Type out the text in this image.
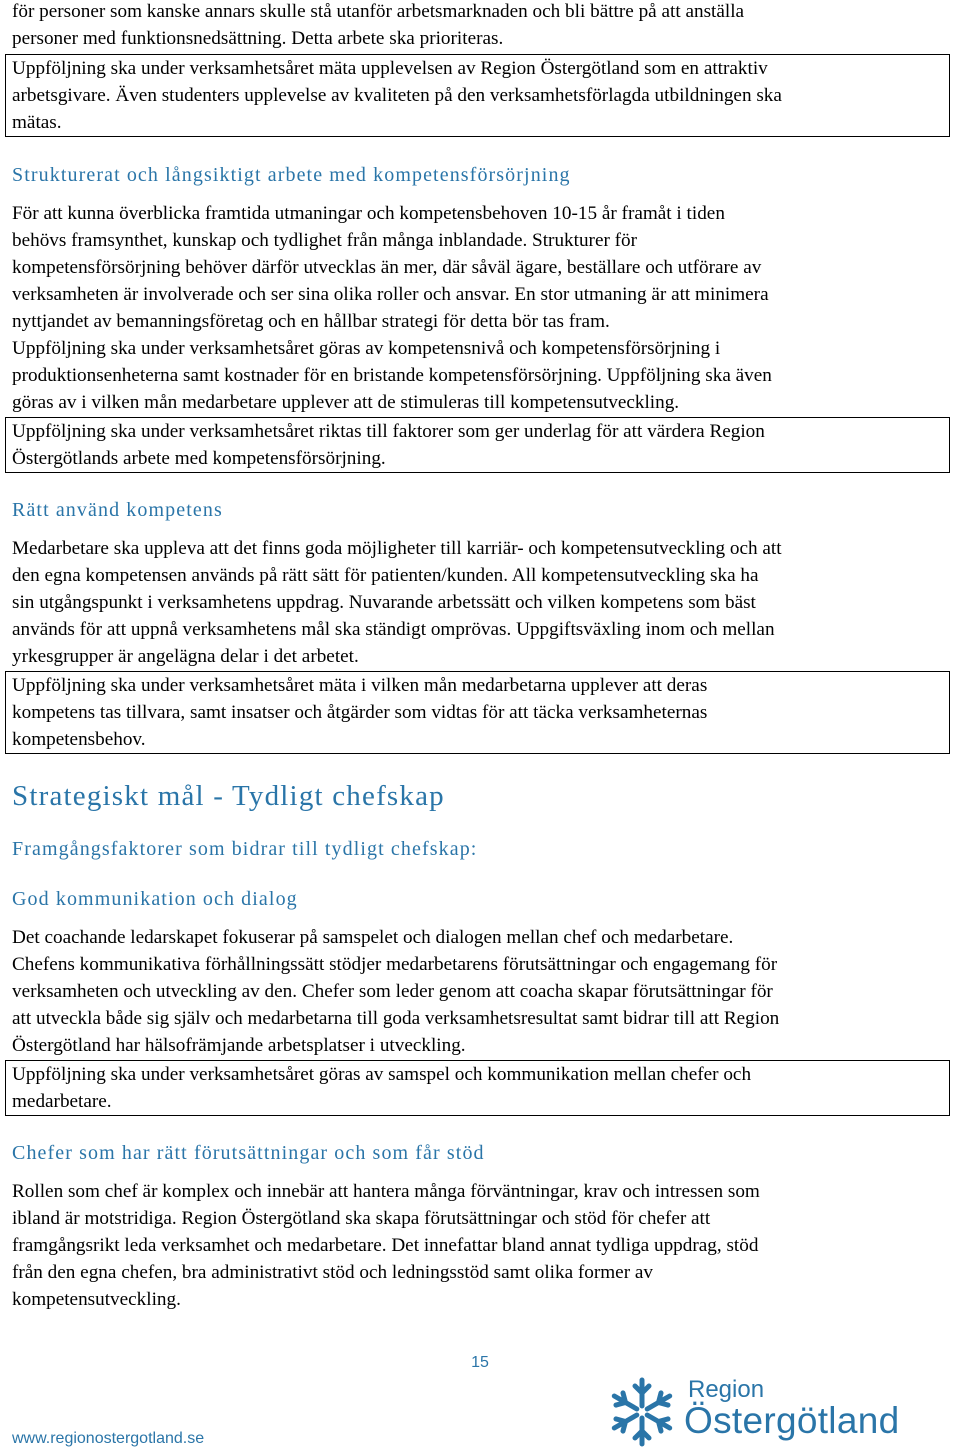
för personer som kanske annars skulle stå utanför arbetsmarknaden och bli bättre på att anställa
personer med funktionsnedsättning. Detta arbete ska prioriteras.
Uppföljning ska under verksamhetsåret mäta upplevelsen av Region Östergötland som en attraktiv
arbetsgivare. Även studenters upplevelse av kvaliteten på den verksamhetsförlagda utbildningen ska
mätas.
Strukturerat och långsiktigt arbete med kompetensförsörjning
För att kunna överblicka framtida utmaningar och kompetensbehoven 10-15 år framåt i tiden
behövs framsynthet, kunskap och tydlighet från många inblandade. Strukturer för
kompetensförsörjning behöver därför utvecklas än mer, där såväl ägare, beställare och utförare av
verksamheten är involverade och ser sina olika roller och ansvar. En stor utmaning är att minimera
nyttjandet av bemanningsföretag och en hållbar strategi för detta bör tas fram.
Uppföljning ska under verksamhetsåret göras av kompetensnivå och kompetensförsörjning i
produktionsenheterna samt kostnader för en bristande kompetensförsörjning. Uppföljning ska även
göras av i vilken mån medarbetare upplever att de stimuleras till kompetensutveckling.
Uppföljning ska under verksamhetsåret riktas till faktorer som ger underlag för att värdera Region
Östergötlands arbete med kompetensförsörjning.
Rätt använd kompetens
Medarbetare ska uppleva att det finns goda möjligheter till karriär- och kompetensutveckling och att
den egna kompetensen används på rätt sätt för patienten/kunden. All kompetensutveckling ska ha
sin utgångspunkt i verksamhetens uppdrag. Nuvarande arbetssätt och vilken kompetens som bäst
används för att uppnå verksamhetens mål ska ständigt omprövas. Uppgiftsväxling inom och mellan
yrkesgrupper är angelägna delar i det arbetet.
Uppföljning ska under verksamhetsåret mäta i vilken mån medarbetarna upplever att deras
kompetens tas tillvara, samt insatser och åtgärder som vidtas för att täcka verksamheternas
kompetensbehov.
Strategiskt mål - Tydligt chefskap
Framgångsfaktorer som bidrar till tydligt chefskap:
God kommunikation och dialog
Det coachande ledarskapet fokuserar på samspelet och dialogen mellan chef och medarbetare.
Chefens kommunikativa förhållningssätt stödjer medarbetarens förutsättningar och engagemang för
verksamheten och utveckling av den. Chefer som leder genom att coacha skapar förutsättningar för
att utveckla både sig själv och medarbetarna till goda verksamhetsresultat samt bidrar till att Region
Östergötland har hälsofrämjande arbetsplatser i utveckling.
Uppföljning ska under verksamhetsåret göras av samspel och kommunikation mellan chefer och
medarbetare.
Chefer som har rätt förutsättningar och som får stöd
Rollen som chef är komplex och innebär att hantera många förväntningar, krav och intressen som
ibland är motstridiga. Region Östergötland ska skapa förutsättningar och stöd för chefer att
framgångsrikt leda verksamhet och medarbetare. Det innefattar bland annat tydliga uppdrag, stöd
från den egna chefen, bra administrativt stöd och ledningsstöd samt olika former av
kompetensutveckling.
15
www.regionostergotland.se
Region
Östergötland
